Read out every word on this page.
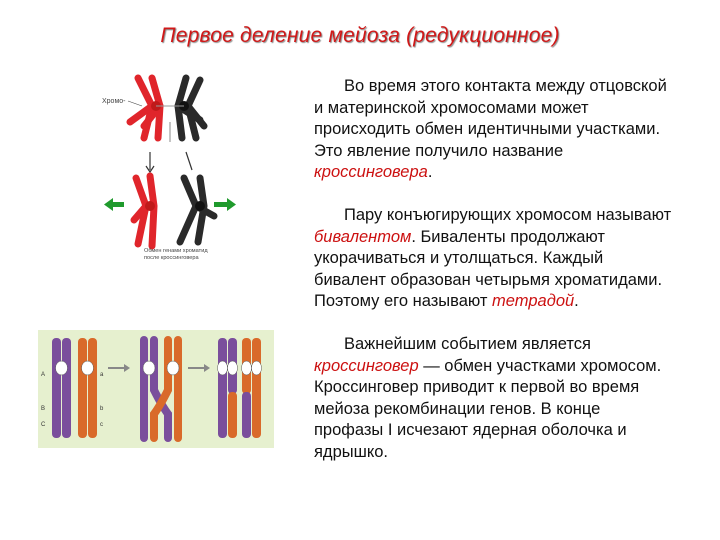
Первое деление мейоза (редукционное)
Хромо-
Обмен генами хроматид
после кроссинговера
A	a
B	b
C	c

Во время этого контакта между отцовской и материнской хромосомами может происходить обмен идентичными участками. Это явление получило название кроссинговера.

Пару конъюгирующих хромосом называют бивалентом. Биваленты продолжают укорачиваться и утолщаться. Каждый бивалент образован четырьмя хроматидами. Поэтому его называют тетрадой.

Важнейшим событием является кроссинговер — обмен участками хромосом. Кроссинговер приводит к первой во время мейоза рекомбинации генов. В конце профазы I исчезают ядерная оболочка и ядрышко.
